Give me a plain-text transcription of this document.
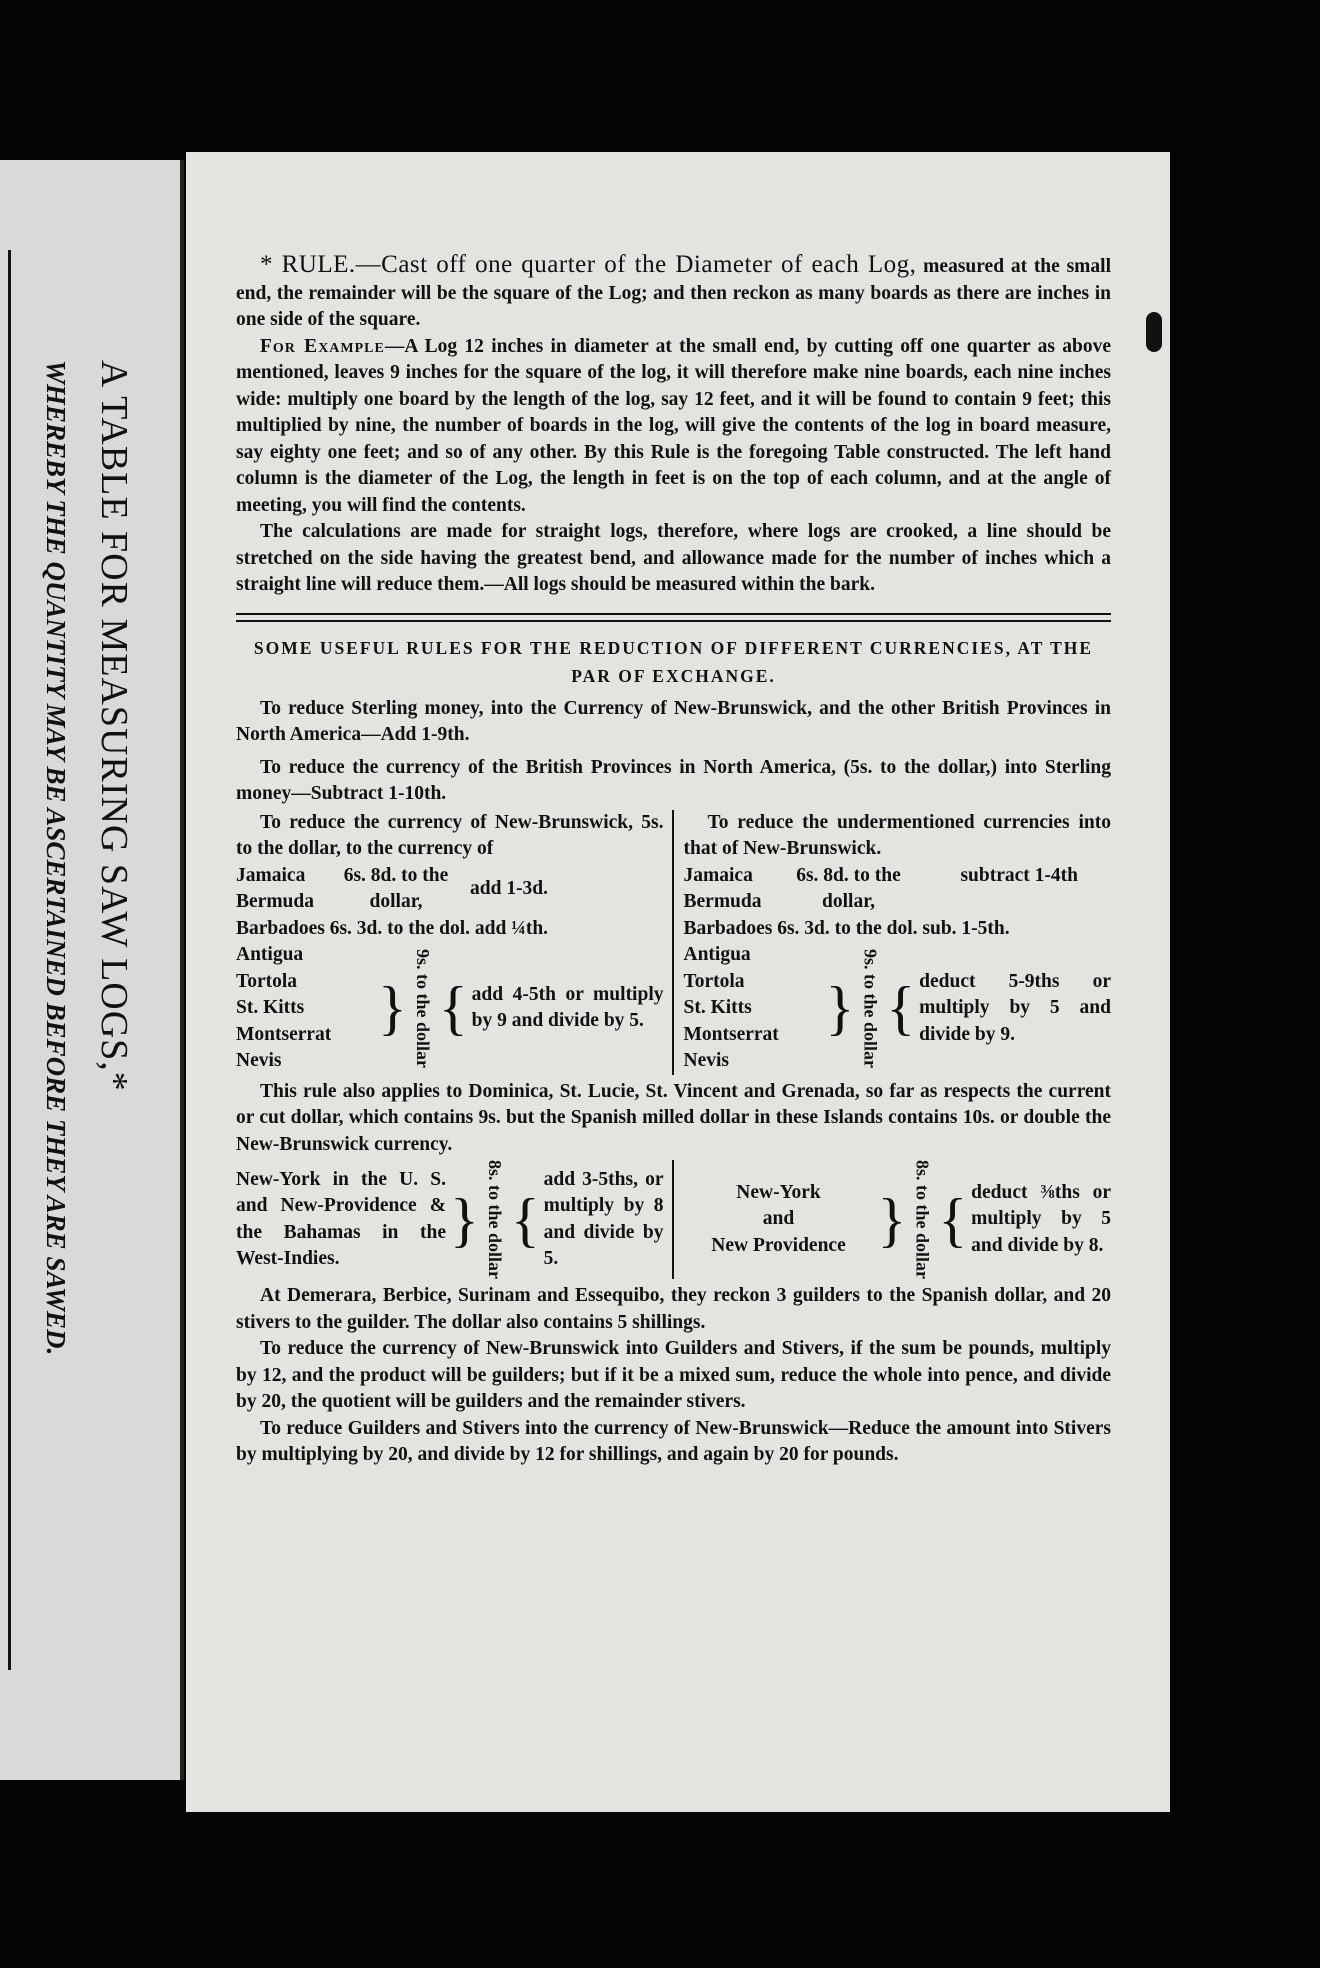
A TABLE FOR MEASURING SAW LOGS,*
WHEREBY THE QUANTITY MAY BE ASCERTAINED BEFORE THEY ARE SAWED.

* RULE.—Cast off one quarter of the Diameter of each Log, measured at the small end, the remainder will be the square of the Log; and then reckon as many boards as there are inches in one side of the square.

For Example—A Log 12 inches in diameter at the small end, by cutting off one quarter as above mentioned, leaves 9 inches for the square of the log, it will therefore make nine boards, each nine inches wide: multiply one board by the length of the log, say 12 feet, and it will be found to contain 9 feet; this multiplied by nine, the number of boards in the log, will give the contents of the log in board measure, say eighty one feet; and so of any other. By this Rule is the foregoing Table constructed. The left hand column is the diameter of the Log, the length in feet is on the top of each column, and at the angle of meeting, you will find the contents.

The calculations are made for straight logs, therefore, where logs are crooked, a line should be stretched on the side having the greatest bend, and allowance made for the number of inches which a straight line will reduce them.—All logs should be measured within the bark.

SOME USEFUL RULES FOR THE REDUCTION OF DIFFERENT CURRENCIES, AT THE PAR OF EXCHANGE.

To reduce Sterling money, into the Currency of New-Brunswick, and the other British Provinces in North America—Add 1-9th.

To reduce the currency of the British Provinces in North America, (5s. to the dollar,) into Sterling money—Subtract 1-10th.

To reduce the currency of New-Brunswick, 5s. to the dollar, to the currency of

Jamaica
Bermuda
6s. 8d. to the dollar,
add 1-3d.
Barbadoes 6s. 3d. to the dol. add ¼th.
Antigua
Tortola
St. Kitts
Montserrat
Nevis
} 9s. to the dollar { add 4-5th or multiply by 9 and divide by 5.

To reduce the undermentioned currencies into that of New-Brunswick.

Jamaica
Bermuda
6s. 8d. to the dollar,
subtract 1-4th
Barbadoes 6s. 3d. to the dol. sub. 1-5th.
Antigua
Tortola
St. Kitts
Montserrat
Nevis
} 9s. to the dollar { deduct 5-9ths or multiply by 5 and divide by 9.

This rule also applies to Dominica, St. Lucie, St. Vincent and Grenada, so far as respects the current or cut dollar, which contains 9s. but the Spanish milled dollar in these Islands contains 10s. or double the New-Brunswick currency.

New-York in the U. S. and New-Providence & the Bahamas in the West-Indies.
} 8s. to the dollar {
add 3-5ths, or multiply by 8 and divide by 5.
New-York
and
New Providence } 8s. to the dollar { deduct ⅜ths or multiply by 5 and divide by 8.

At Demerara, Berbice, Surinam and Essequibo, they reckon 3 guilders to the Spanish dollar, and 20 stivers to the guilder. The dollar also contains 5 shillings.

To reduce the currency of New-Brunswick into Guilders and Stivers, if the sum be pounds, multiply by 12, and the product will be guilders; but if it be a mixed sum, reduce the whole into pence, and divide by 20, the quotient will be guilders and the remainder stivers.

To reduce Guilders and Stivers into the currency of New-Brunswick—Reduce the amount into Stivers by multiplying by 20, and divide by 12 for shillings, and again by 20 for pounds.
